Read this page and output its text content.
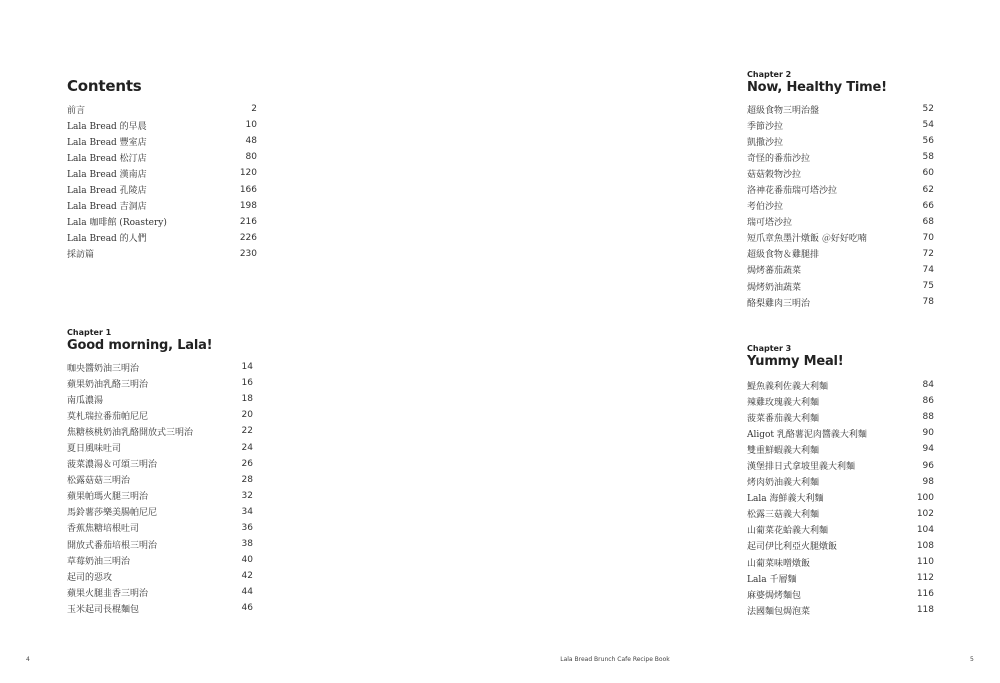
Contents
前言	2
Lala Bread 的早晨	10
Lala Bread 豐室店	48
Lala Bread 松汀店	80
Lala Bread 漢南店	120
Lala Bread 孔陵店	166
Lala Bread 吉洞店	198
Lala 咖啡館 (Roastery)	216
Lala Bread 的人們	226
採訪篇	230
Chapter 1
Good morning, Lala!
咖央醬奶油三明治	14
蘋果奶油乳酪三明治	16
南瓜濃湯	18
莫札瑞拉番茄帕尼尼	20
焦糖核桃奶油乳酪開放式三明治	22
夏日風味吐司	24
菠菜濃湯＆可頌三明治	26
松露菇菇三明治	28
蘋果帕瑪火腿三明治	32
馬鈴薯莎樂美腸帕尼尼	34
香蕉焦糖培根吐司	36
開放式番茄培根三明治	38
草莓奶油三明治	40
起司的惡攻	42
蘋果火腿韭香三明治	44
玉米起司長棍麵包	46
Chapter 2
Now, Healthy Time!
超級食物三明治盤	52
季節沙拉	54
凱撒沙拉	56
奇怪的番茄沙拉	58
菇菇穀物沙拉	60
洛神花番茄瑞可塔沙拉	62
考伯沙拉	66
瑞可塔沙拉	68
短爪章魚墨汁燉飯 ＠好好吃喃	70
超級食物＆雞腿排	72
焗烤蕃茄蔬菜	74
焗烤奶油蔬菜	75
酪梨雞肉三明治	78
Chapter 3
Yummy Meal!
鯷魚義利佐義大利麵	84
辣雞玫瑰義大利麵	86
菠菜番茄義大利麵	88
Aligot 乳酪薯泥肉醬義大利麵	90
雙重鮮蝦義大利麵	94
漢堡排日式拿坡里義大利麵	96
烤肉奶油義大利麵	98
Lala 海鮮義大利麵	100
松露三菇義大利麵	102
山葡菜花蛤義大利麵	104
起司伊比利亞火腿燉飯	108
山葡菜味噌燉飯	110
Lala 千層麵	112
麻婆焗烤麵包	116
法國麵包焗泡菜	118
4	Lala Bread Brunch Cafe Recipe Book	5
